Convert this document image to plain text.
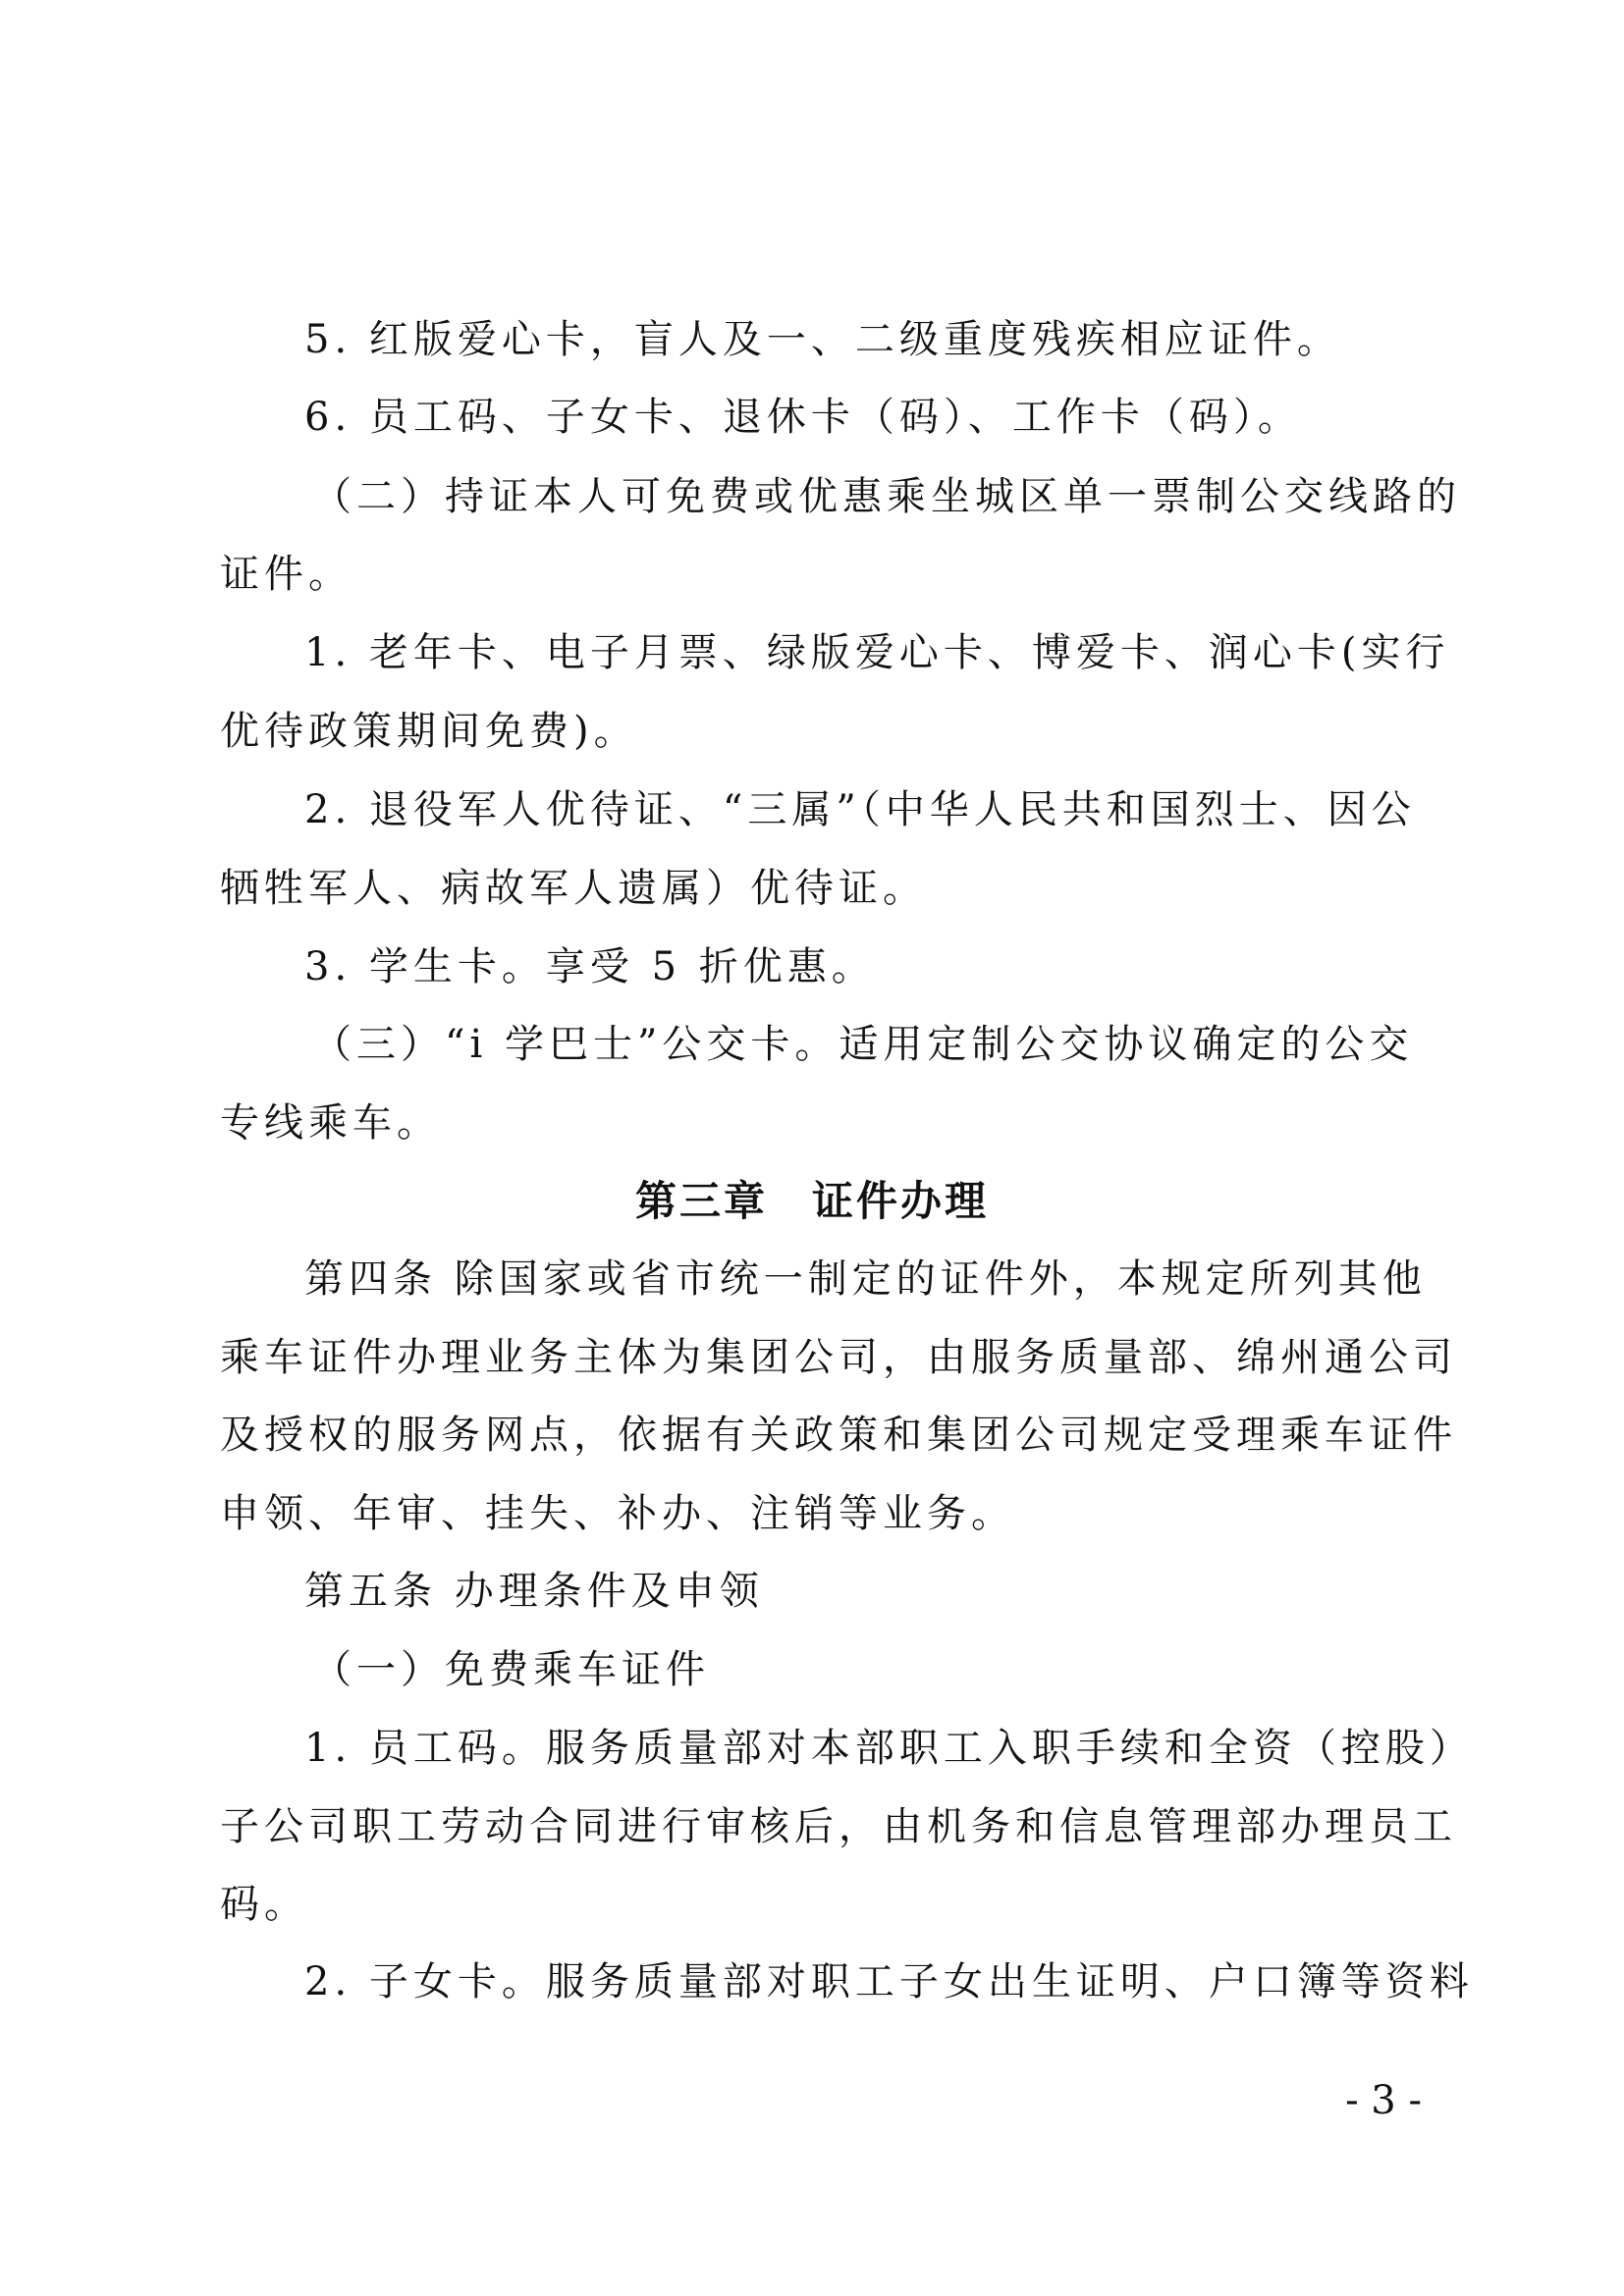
5. 红版爱心卡，盲人及一、二级重度残疾相应证件。
6. 员工码、子女卡、退休卡（码）、工作卡（码）。
（二）持证本人可免费或优惠乘坐城区单一票制公交线路的
证件。
1. 老年卡、电子月票、绿版爱心卡、博爱卡、润心卡(实行
优待政策期间免费)。
2. 退役军人优待证、“三属”（中华人民共和国烈士、因公
牺牲军人、病故军人遗属）优待证。
3. 学生卡。享受 5 折优惠。
（三）“i 学巴士”公交卡。适用定制公交协议确定的公交
专线乘车。
第三章　证件办理
第四条 除国家或省市统一制定的证件外，本规定所列其他
乘车证件办理业务主体为集团公司，由服务质量部、绵州通公司
及授权的服务网点，依据有关政策和集团公司规定受理乘车证件
申领、年审、挂失、补办、注销等业务。
第五条 办理条件及申领
（一）免费乘车证件
1. 员工码。服务质量部对本部职工入职手续和全资（控股）
子公司职工劳动合同进行审核后，由机务和信息管理部办理员工
码。
2. 子女卡。服务质量部对职工子女出生证明、户口簿等资料
- 3 -
